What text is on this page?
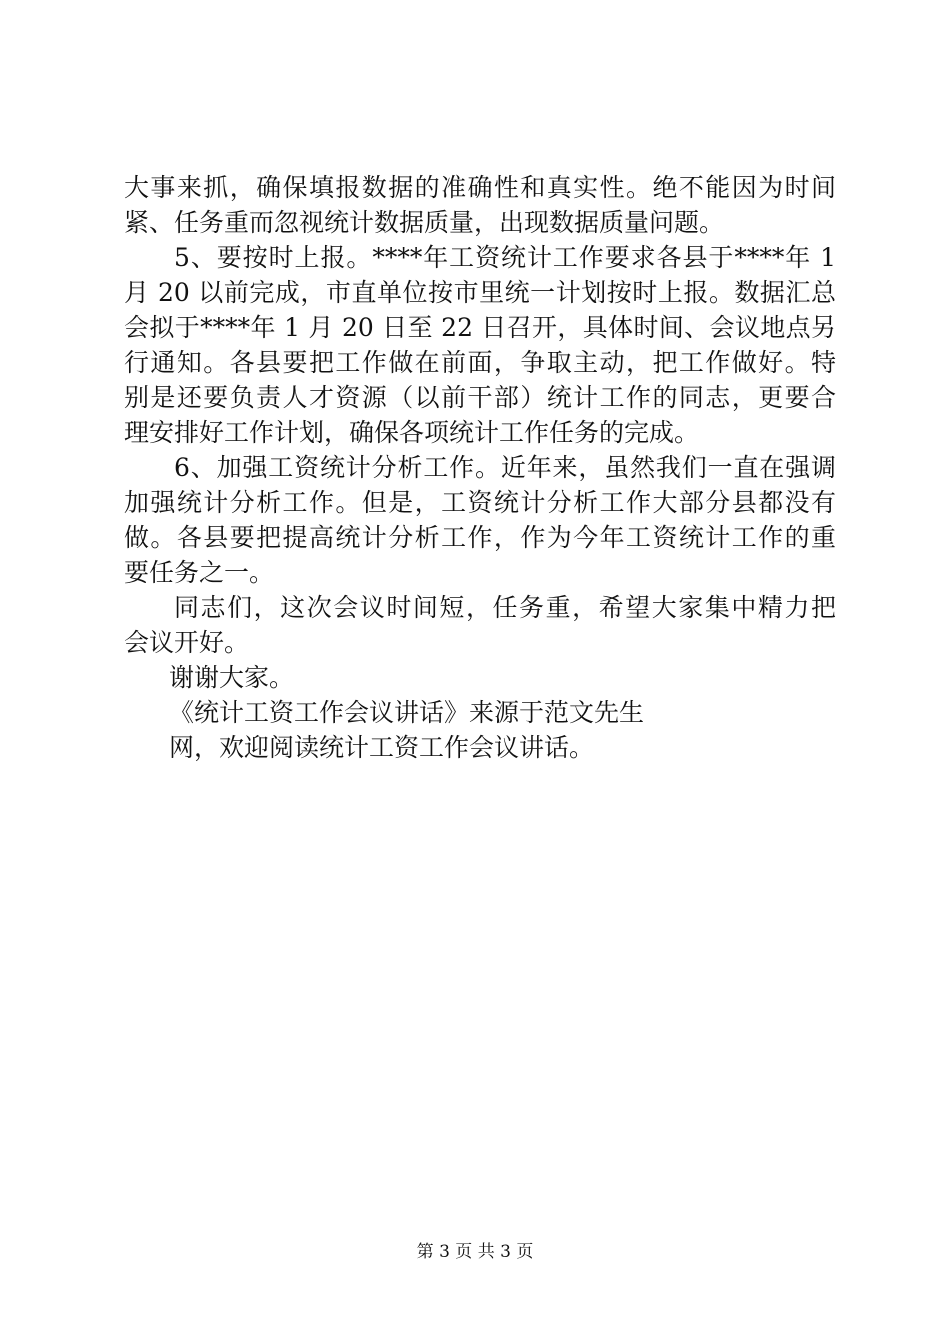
大事来抓，确保填报数据的准确性和真实性。绝不能因为时间
紧、任务重而忽视统计数据质量，出现数据质量问题。
5、要按时上报。****年工资统计工作要求各县于****年 1
月 20 以前完成，市直单位按市里统一计划按时上报。数据汇总
会拟于****年 1 月 20 日至 22 日召开，具体时间、会议地点另
行通知。各县要把工作做在前面，争取主动，把工作做好。特
别是还要负责人才资源（以前干部）统计工作的同志，更要合
理安排好工作计划，确保各项统计工作任务的完成。
6、加强工资统计分析工作。近年来，虽然我们一直在强调
加强统计分析工作。但是，工资统计分析工作大部分县都没有
做。各县要把提高统计分析工作，作为今年工资统计工作的重
要任务之一。
同志们，这次会议时间短，任务重，希望大家集中精力把
会议开好。
谢谢大家。
《统计工资工作会议讲话》来源于范文先生
网，欢迎阅读统计工资工作会议讲话。
第 3 页 共 3 页
